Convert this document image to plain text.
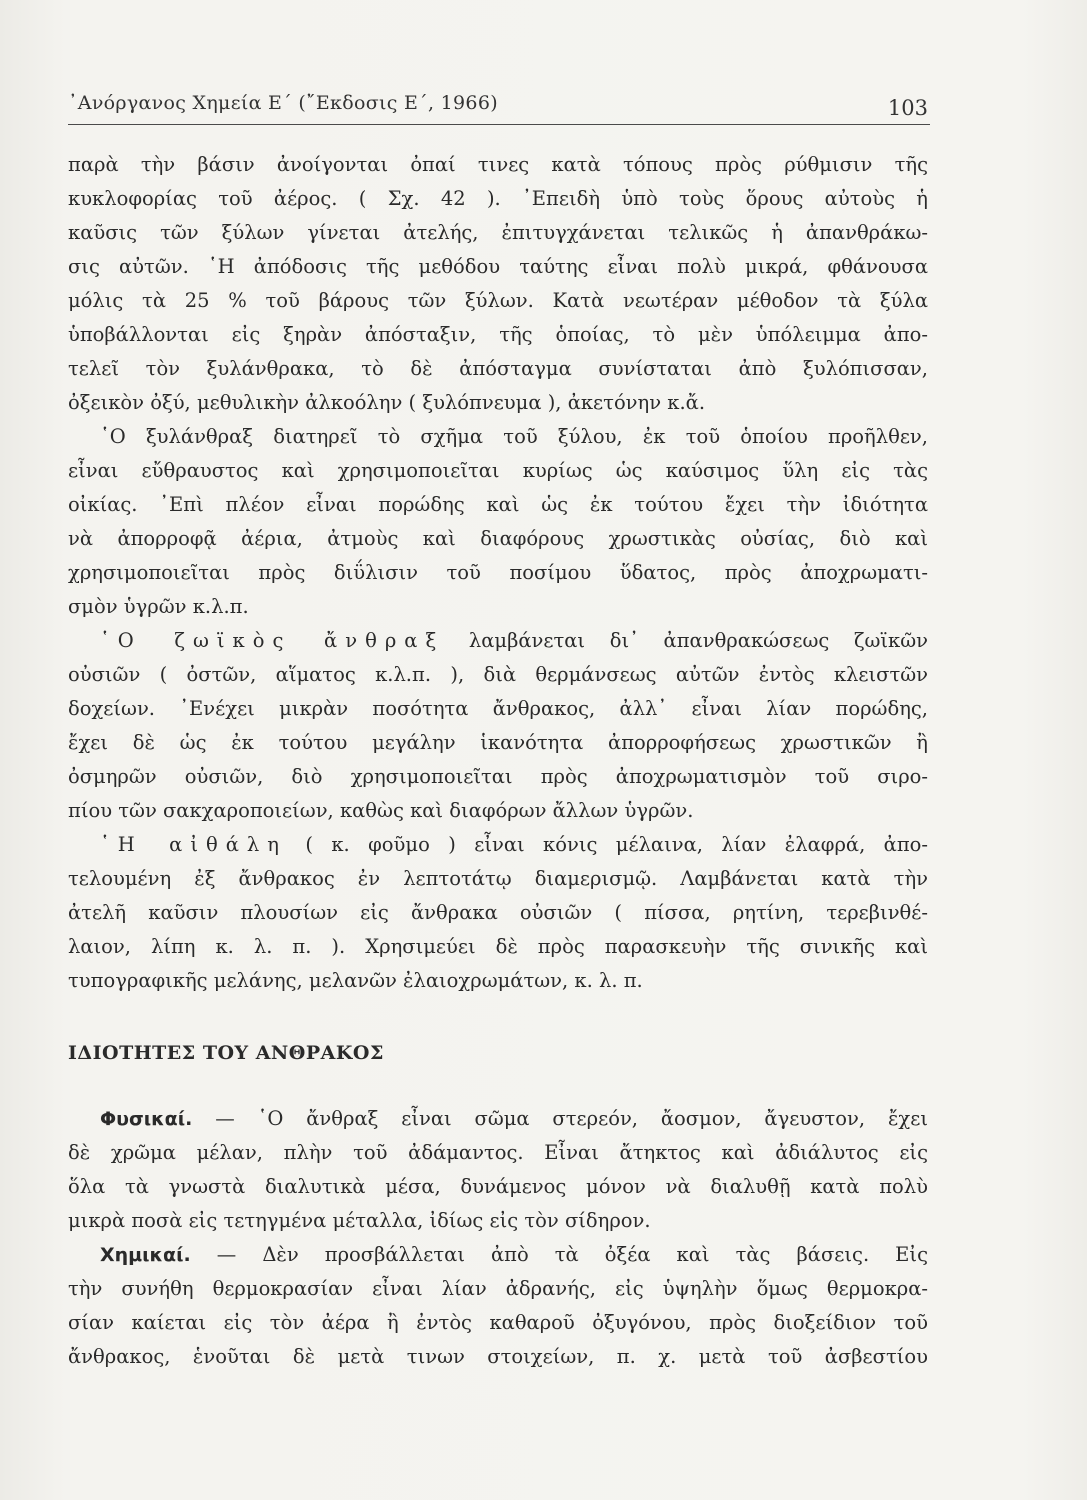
᾿Ανόργανος Χημεία Ε΄ (῎Εκδοσις Ε΄, 1966)	103
παρὰ τὴν βάσιν ἀνοίγονται ὀπαί τινες κατὰ τόπους πρὸς ρύθμισιν τῆς
κυκλοφορίας τοῦ ἀέρος. ( Σχ. 42 ). ᾿Επειδὴ ὑπὸ τοὺς ὅρους αὐτοὺς ἡ
καῦσις τῶν ξύλων γίνεται ἀτελής, ἐπιτυγχάνεται τελικῶς ἡ ἀπανθράκω-
σις αὐτῶν. ῾Η ἀπόδοσις τῆς μεθόδου ταύτης εἶναι πολὺ μικρά, φθάνουσα
μόλις τὰ 25 % τοῦ βάρους τῶν ξύλων. Κατὰ νεωτέραν μέθοδον τὰ ξύλα
ὑποβάλλονται εἰς ξηρὰν ἀπόσταξιν, τῆς ὁποίας, τὸ μὲν ὑπόλειμμα ἀπο-
τελεῖ τὸν ξυλάνθρακα, τὸ δὲ ἀπόσταγμα συνίσταται ἀπὸ ξυλόπισσαν,
ὀξεικὸν ὀξύ, μεθυλικὴν ἀλκοόλην ( ξυλόπνευμα ), ἀκετόνην κ.ἄ.
῾Ο ξυλάνθραξ διατηρεῖ τὸ σχῆμα τοῦ ξύλου, ἐκ τοῦ ὁποίου προῆλθεν,
εἶναι εὔθραυστος καὶ χρησιμοποιεῖται κυρίως ὡς καύσιμος ὕλη εἰς τὰς
οἰκίας. ᾿Επὶ πλέον εἶναι πορώδης καὶ ὡς ἐκ τούτου ἔχει τὴν ἰδιότητα
νὰ ἀπορροφᾷ ἀέρια, ἀτμοὺς καὶ διαφόρους χρωστικὰς οὐσίας, διὸ καὶ
χρησιμοποιεῖται πρὸς διΰλισιν τοῦ ποσίμου ὕδατος, πρὸς ἀποχρωματι-
σμὸν ὑγρῶν κ.λ.π.
῾Ο ζωϊκὸς ἄνθραξ λαμβάνεται δι᾿ ἀπανθρακώσεως ζωϊκῶν
οὐσιῶν ( ὀστῶν, αἵματος κ.λ.π. ), διὰ θερμάνσεως αὐτῶν ἐντὸς κλειστῶν
δοχείων. ᾿Ενέχει μικρὰν ποσότητα ἄνθρακος, ἀλλ᾿ εἶναι λίαν πορώδης,
ἔχει δὲ ὡς ἐκ τούτου μεγάλην ἱκανότητα ἀπορροφήσεως χρωστικῶν ἢ
ὀσμηρῶν οὐσιῶν, διὸ χρησιμοποιεῖται πρὸς ἀποχρωματισμὸν τοῦ σιρο-
πίου τῶν σακχαροποιείων, καθὼς καὶ διαφόρων ἄλλων ὑγρῶν.
῾Η αἰθάλη ( κ. φοῦμο ) εἶναι κόνις μέλαινα, λίαν ἐλαφρά, ἀπο-
τελουμένη ἐξ ἄνθρακος ἐν λεπτοτάτῳ διαμερισμῷ. Λαμβάνεται κατὰ τὴν
ἀτελῆ καῦσιν πλουσίων εἰς ἄνθρακα οὐσιῶν ( πίσσα, ρητίνη, τερεβινθέ-
λαιον, λίπη κ. λ. π. ). Χρησιμεύει δὲ πρὸς παρασκευὴν τῆς σινικῆς καὶ
τυπογραφικῆς μελάνης, μελανῶν ἐλαιοχρωμάτων, κ. λ. π.
ΙΔΙΟΤΗΤΕΣ ΤΟΥ ΑΝΘΡΑΚΟΣ
Φυσικαί. — ῾Ο ἄνθραξ εἶναι σῶμα στερεόν, ἄοσμον, ἄγευστον, ἔχει
δὲ χρῶμα μέλαν, πλὴν τοῦ ἀδάμαντος. Εἶναι ἄτηκτος καὶ ἀδιάλυτος εἰς
ὅλα τὰ γνωστὰ διαλυτικὰ μέσα, δυνάμενος μόνον νὰ διαλυθῇ κατὰ πολὺ
μικρὰ ποσὰ εἰς τετηγμένα μέταλλα, ἰδίως εἰς τὸν σίδηρον.
Χημικαί. — Δὲν προσβάλλεται ἀπὸ τὰ ὀξέα καὶ τὰς βάσεις. Εἰς
τὴν συνήθη θερμοκρασίαν εἶναι λίαν ἀδρανής, εἰς ὑψηλὴν ὅμως θερμοκρα-
σίαν καίεται εἰς τὸν ἀέρα ἢ ἐντὸς καθαροῦ ὀξυγόνου, πρὸς διοξείδιον τοῦ
ἄνθρακος, ἑνοῦται δὲ μετὰ τινων στοιχείων, π. χ. μετὰ τοῦ ἀσβεστίου
